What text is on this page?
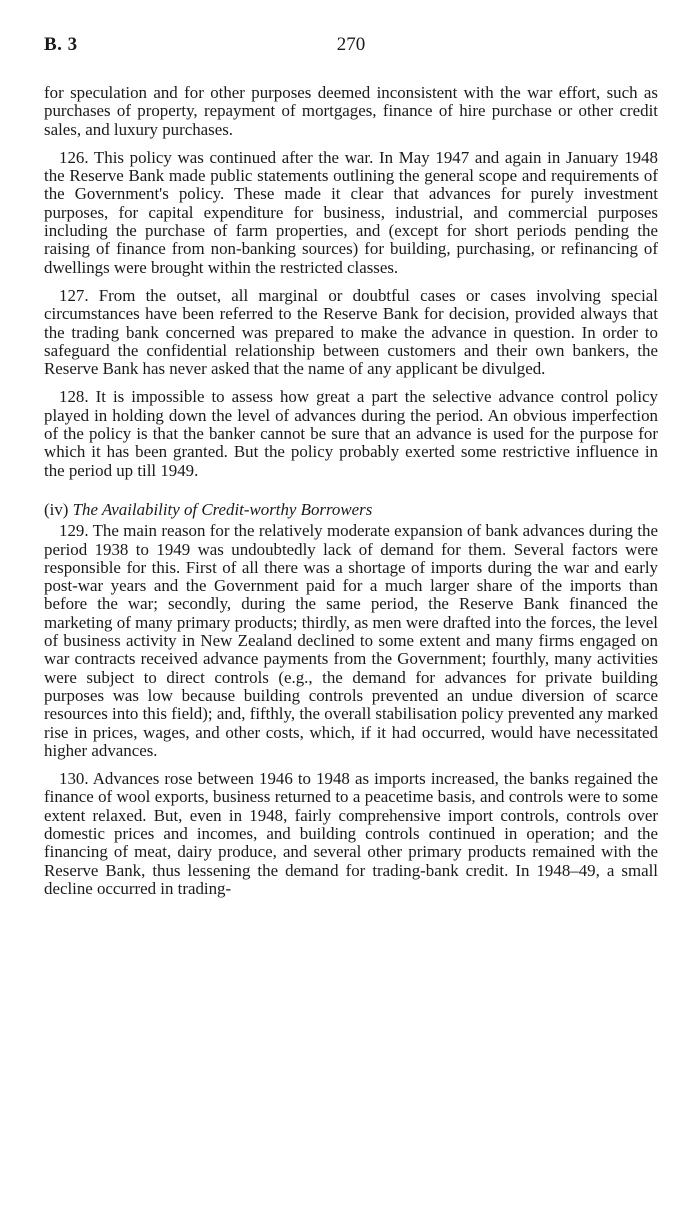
B. 3	270

for speculation and for other purposes deemed inconsistent with the war effort, such as purchases of property, repayment of mortgages, finance of hire purchase or other credit sales, and luxury purchases.

126. This policy was continued after the war. In May 1947 and again in January 1948 the Reserve Bank made public statements outlining the general scope and requirements of the Government's policy. These made it clear that advances for purely investment purposes, for capital expenditure for business, industrial, and commercial purposes including the purchase of farm properties, and (except for short periods pending the raising of finance from non-banking sources) for building, purchasing, or refinancing of dwellings were brought within the restricted classes.

127. From the outset, all marginal or doubtful cases or cases involving special circumstances have been referred to the Reserve Bank for decision, provided always that the trading bank concerned was prepared to make the advance in question. In order to safeguard the confidential relationship between customers and their own bankers, the Reserve Bank has never asked that the name of any applicant be divulged.

128. It is impossible to assess how great a part the selective advance control policy played in holding down the level of advances during the period. An obvious imperfection of the policy is that the banker cannot be sure that an advance is used for the purpose for which it has been granted. But the policy probably exerted some restrictive influence in the period up till 1949.

(iv) The Availability of Credit-worthy Borrowers

129. The main reason for the relatively moderate expansion of bank advances during the period 1938 to 1949 was undoubtedly lack of demand for them. Several factors were responsible for this. First of all there was a shortage of imports during the war and early post-war years and the Government paid for a much larger share of the imports than before the war; secondly, during the same period, the Reserve Bank financed the marketing of many primary products; thirdly, as men were drafted into the forces, the level of business activity in New Zealand declined to some extent and many firms engaged on war contracts received advance payments from the Government; fourthly, many activities were subject to direct controls (e.g., the demand for advances for private building purposes was low because building controls prevented an undue diversion of scarce resources into this field); and, fifthly, the overall stabilisation policy prevented any marked rise in prices, wages, and other costs, which, if it had occurred, would have necessitated higher advances.

130. Advances rose between 1946 to 1948 as imports increased, the banks regained the finance of wool exports, business returned to a peacetime basis, and controls were to some extent relaxed. But, even in 1948, fairly comprehensive import controls, controls over domestic prices and incomes, and building controls continued in operation; and the financing of meat, dairy produce, and several other primary products remained with the Reserve Bank, thus lessening the demand for trading-bank credit. In 1948–49, a small decline occurred in trading-
